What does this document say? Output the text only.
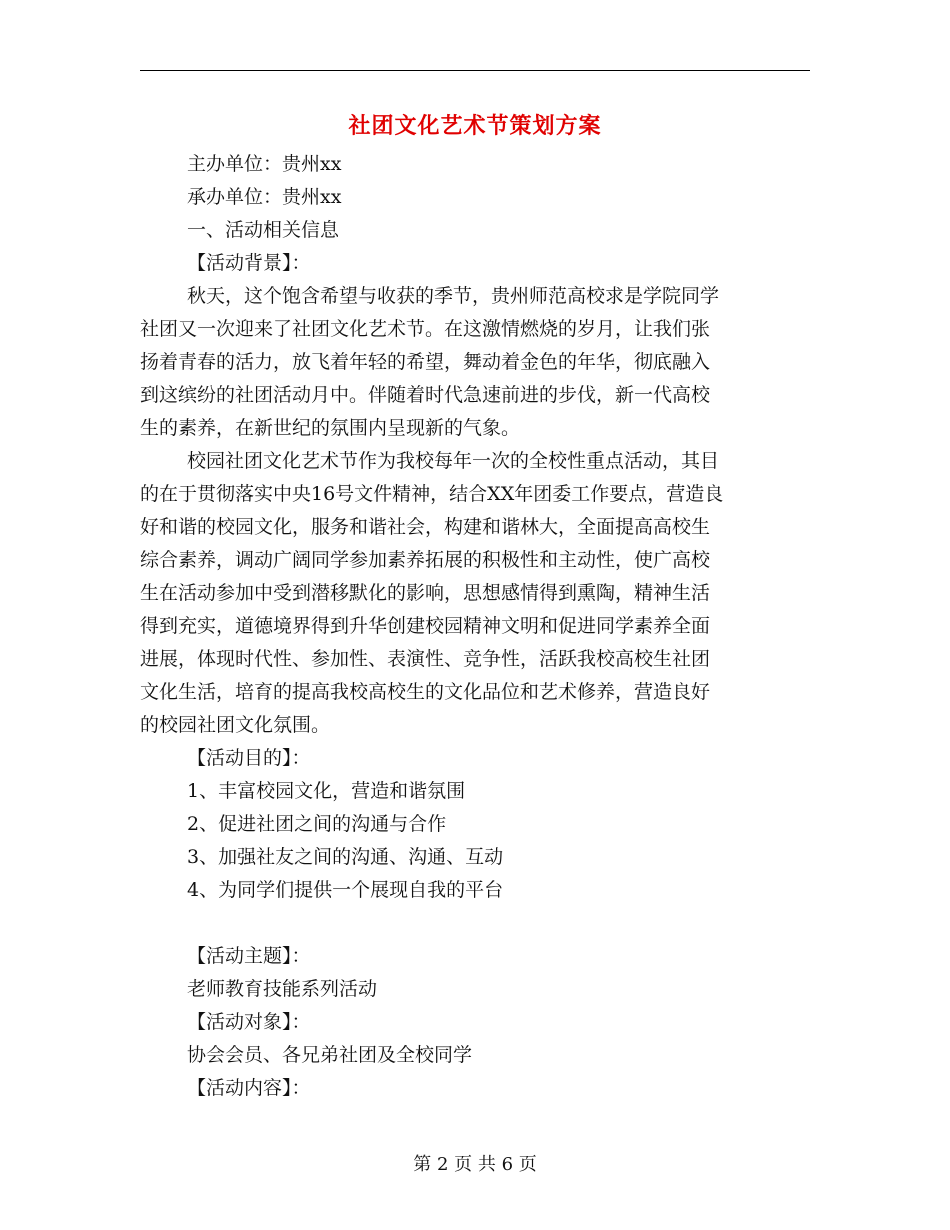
社团文化艺术节策划方案
主办单位：贵州xx
承办单位：贵州xx
一、活动相关信息
【活动背景】：
秋天，这个饱含希望与收获的季节，贵州师范高校求是学院同学
社团又一次迎来了社团文化艺术节。在这激情燃烧的岁月，让我们张
扬着青春的活力，放飞着年轻的希望，舞动着金色的年华，彻底融入
到这缤纷的社团活动月中。伴随着时代急速前进的步伐，新一代高校
生的素养，在新世纪的氛围内呈现新的气象。
校园社团文化艺术节作为我校每年一次的全校性重点活动，其目
的在于贯彻落实中央16号文件精神，结合XX年团委工作要点，营造良
好和谐的校园文化，服务和谐社会，构建和谐林大，全面提高高校生
综合素养，调动广阔同学参加素养拓展的积极性和主动性，使广高校
生在活动参加中受到潜移默化的影响，思想感情得到熏陶，精神生活
得到充实，道德境界得到升华创建校园精神文明和促进同学素养全面
进展，体现时代性、参加性、表演性、竞争性，活跃我校高校生社团
文化生活，培育的提高我校高校生的文化品位和艺术修养，营造良好
的校园社团文化氛围。
【活动目的】：
1、丰富校园文化，营造和谐氛围
2、促进社团之间的沟通与合作
3、加强社友之间的沟通、沟通、互动
4、为同学们提供一个展现自我的平台
【活动主题】：
老师教育技能系列活动
【活动对象】：
协会会员、各兄弟社团及全校同学
【活动内容】：
第 2 页 共 6 页
